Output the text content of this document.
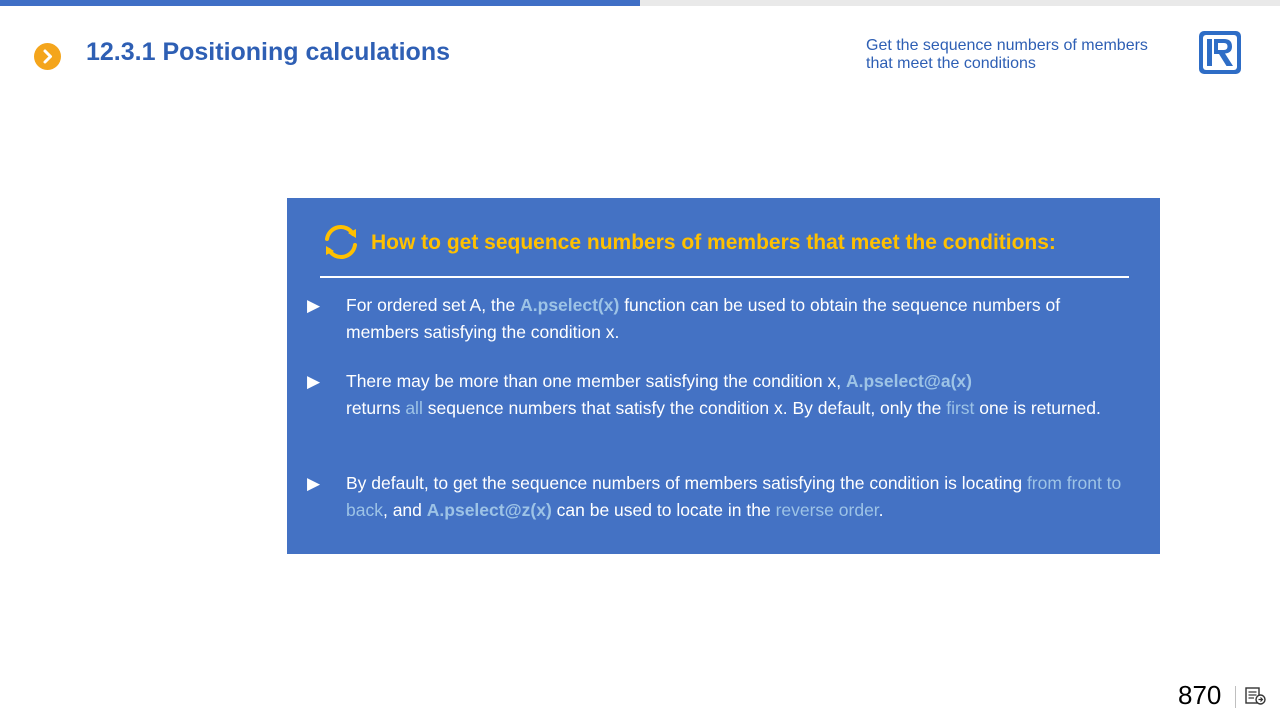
12.3.1 Positioning calculations	Get the sequence numbers of members that meet the conditions
How to get sequence numbers of members that meet the conditions:
▶ For ordered set A, the A.pselect(x) function can be used to obtain the sequence numbers of members satisfying the condition x.
▶ There may be more than one member satisfying the condition x, A.pselect@a(x)
returns all sequence numbers that satisfy the condition x. By default, only the first one is returned.
▶ By default, to get the sequence numbers of members satisfying the condition is locating from front to back, and A.pselect@z(x) can be used to locate in the reverse order.
870
